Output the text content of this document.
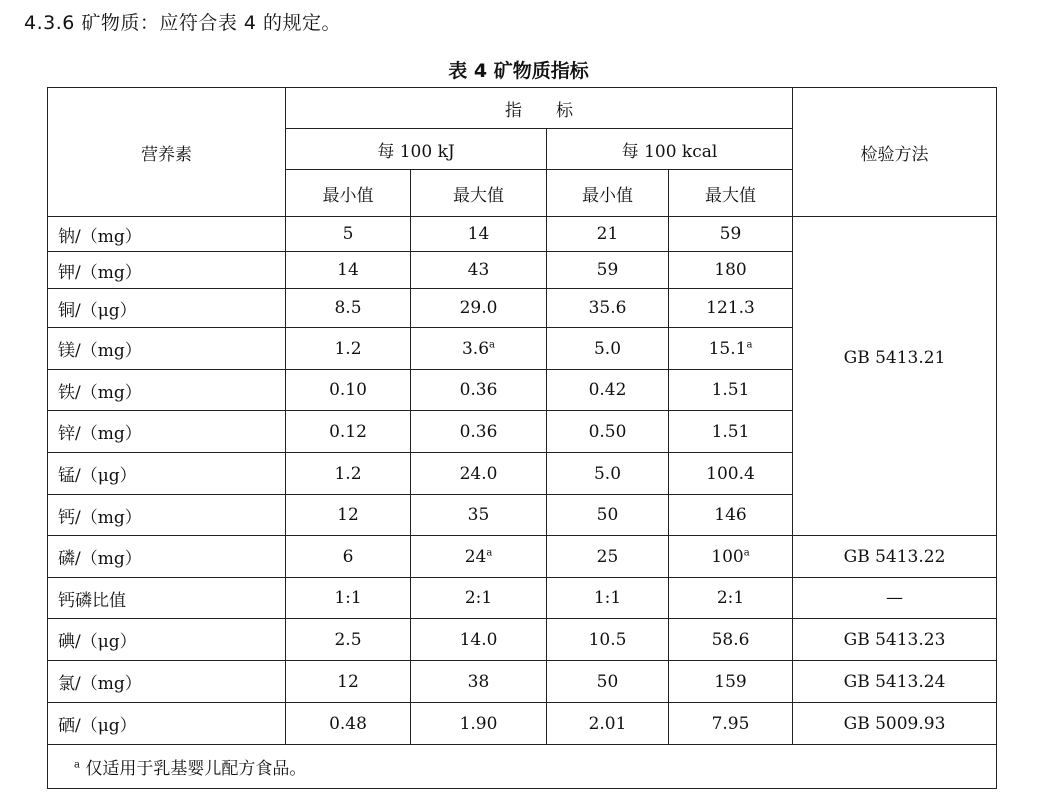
4.3.6 矿物质：应符合表 4 的规定。
表 4 矿物质指标
营养素	指　　标				检验方法
	每 100 kJ		每 100 kcal		
	最小值	最大值	最小值	最大值	
钠/（mg）	5	14	21	59	GB 5413.21
钾/（mg）	14	43	59	180	
铜/（μg）	8.5	29.0	35.6	121.3	
镁/（mg）	1.2	3.6$^a$	5.0	15.1$^a$
铁/（mg）	0.10	0.36	0.42	1.51	
锌/（mg）	0.12	0.36	0.50	1.51	
锰/（μg）	1.2	24.0	5.0	100.4	
钙/（mg）	12	35	50	146	
磷/（mg）	6	24$^a$	25	100$^a$	GB 5413.22
钙磷比值	1:1	2:1	1:1	2:1	—
碘/（μg）	2.5	14.0	10.5	58.6	GB 5413.23
氯/（mg）	12	38	50	159	GB 5413.24
硒/（μg）	0.48	1.90	2.01	7.95	GB 5009.93
$^a$ 仅适用于乳基婴儿配方食品。					
